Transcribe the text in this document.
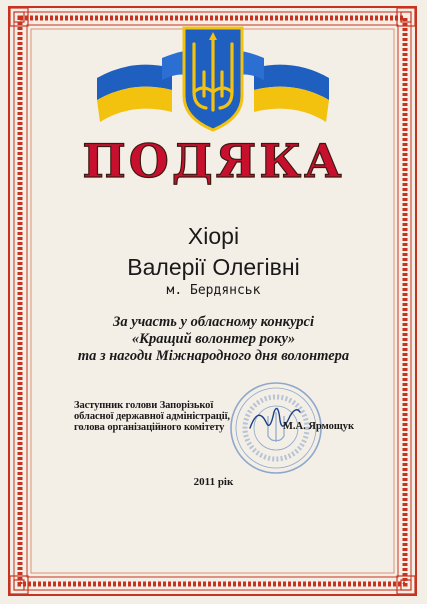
ПОДЯКА
Хіорі
Валерії Олегівні
м. Бердянськ
За участь у обласному конкурсі
«Кращий волонтер року»
та з нагоди Міжнародного дня волонтера
Заступник голови Запорізької
обласної державної адміністрації,
голова організаційного комітету	М.А. Ярмощук
2011 рік
